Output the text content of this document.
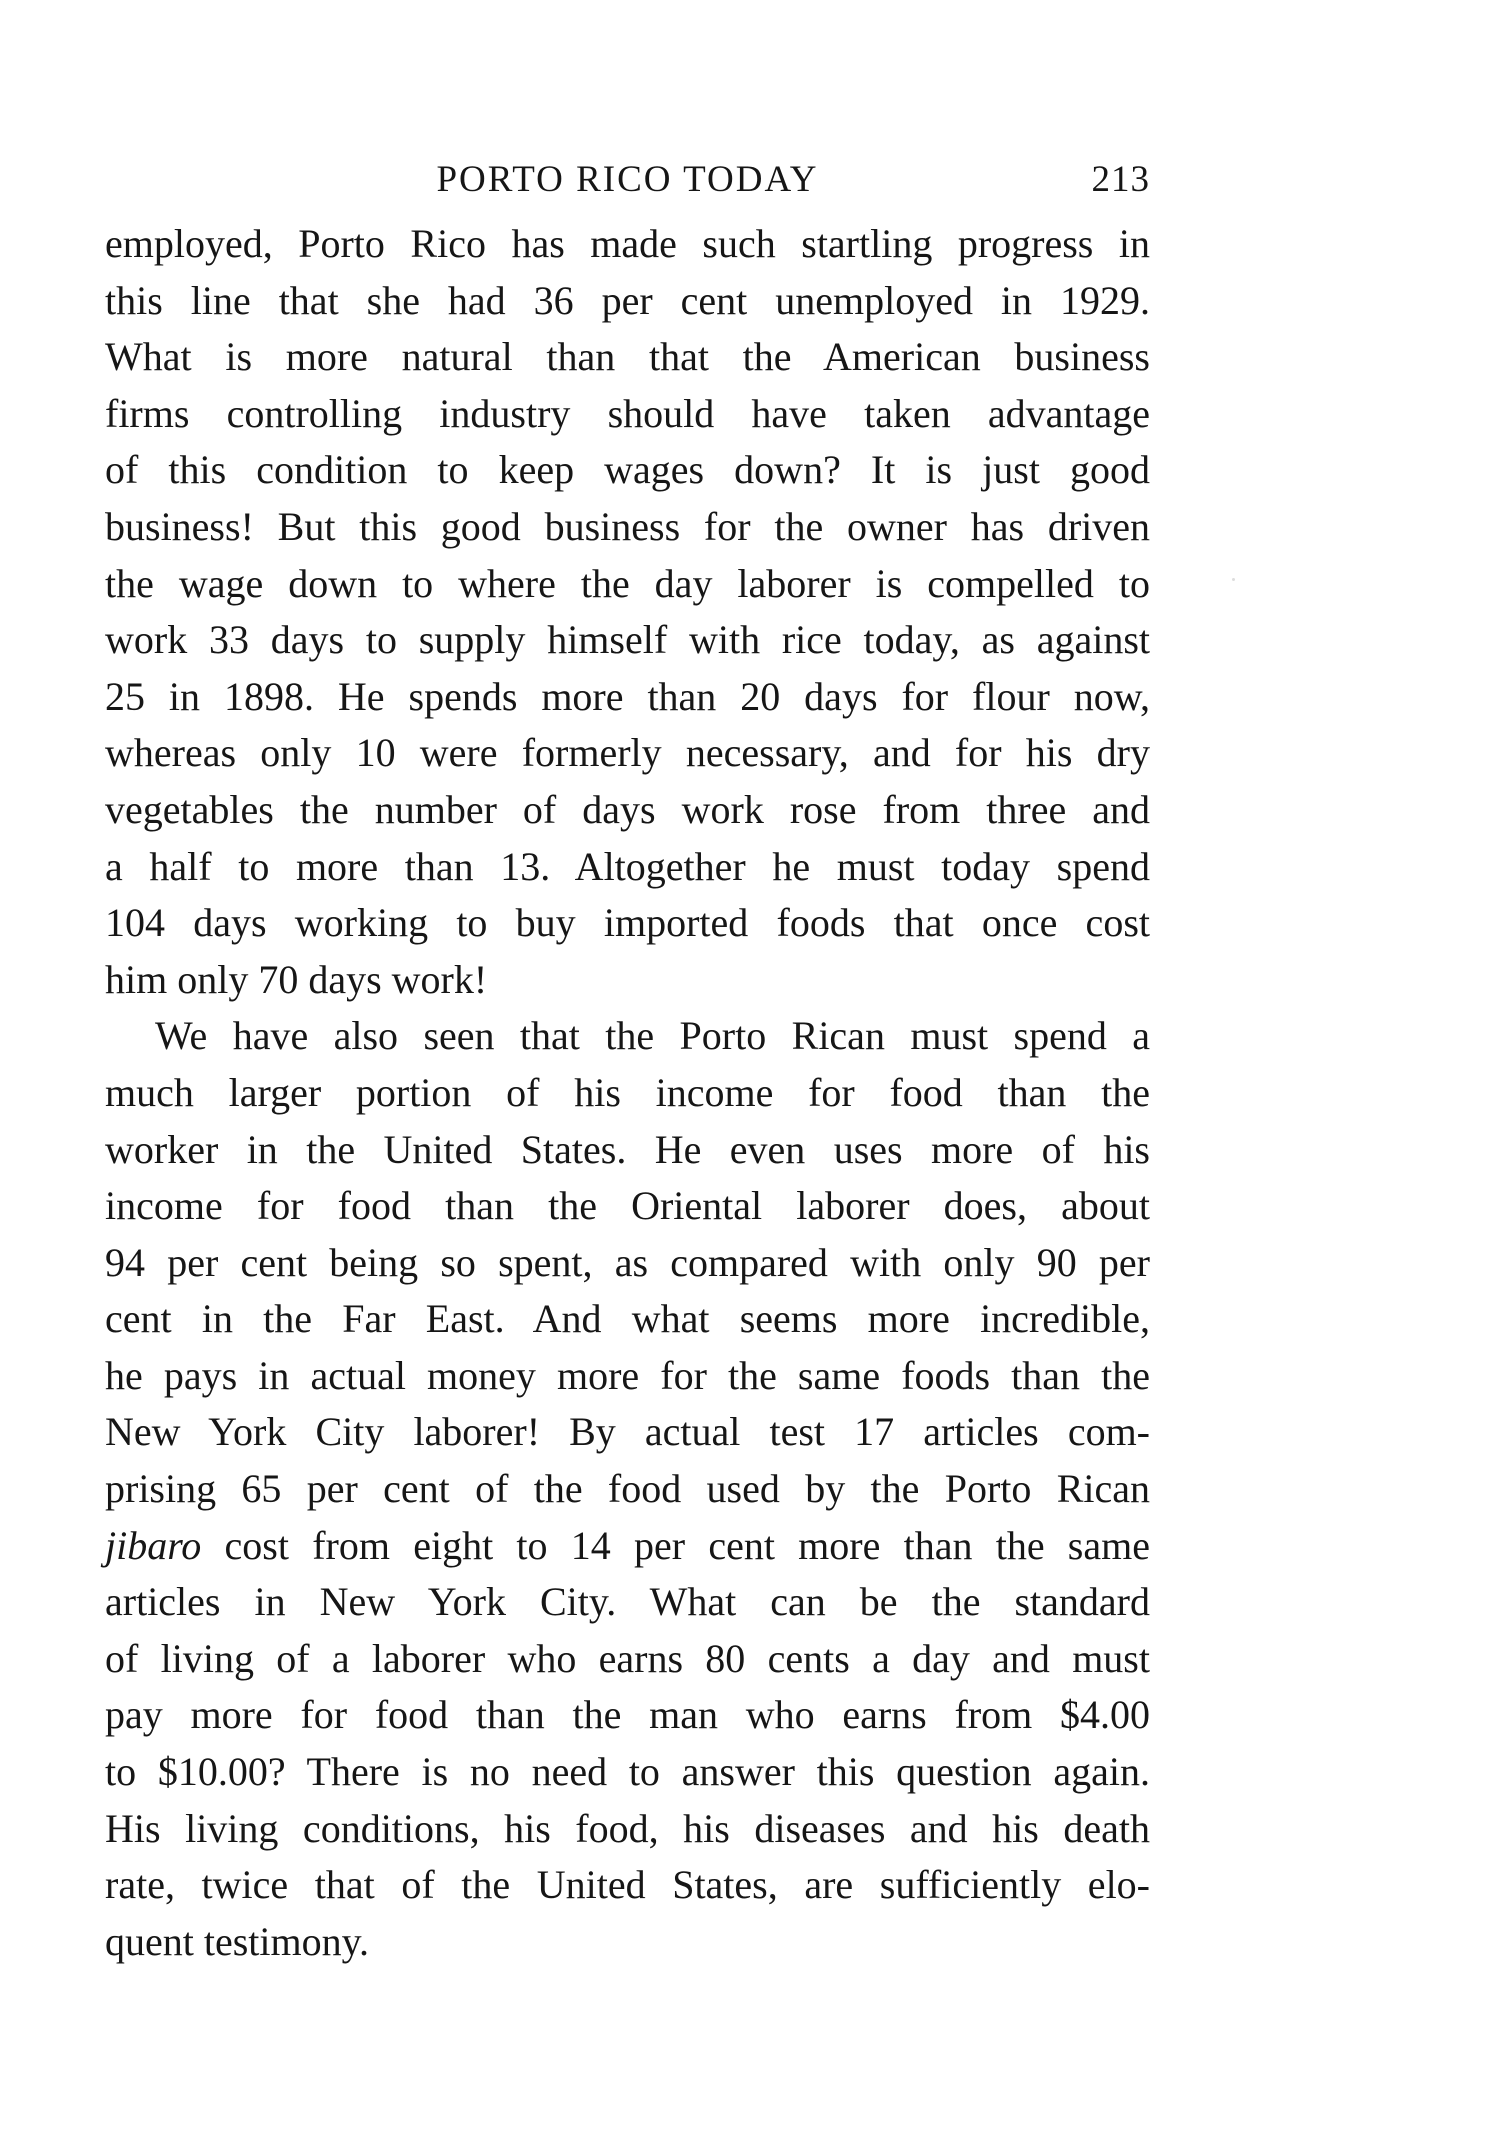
PORTO RICO TODAY	213
employed, Porto Rico has made such startling progress in
this line that she had 36 per cent unemployed in 1929.
What is more natural than that the American business
firms controlling industry should have taken advantage
of this condition to keep wages down? It is just good
business! But this good business for the owner has driven
the wage down to where the day laborer is compelled to
work 33 days to supply himself with rice today, as against
25 in 1898. He spends more than 20 days for flour now,
whereas only 10 were formerly necessary, and for his dry
vegetables the number of days work rose from three and
a half to more than 13. Altogether he must today spend
104 days working to buy imported foods that once cost
him only 70 days work!
We have also seen that the Porto Rican must spend a
much larger portion of his income for food than the
worker in the United States. He even uses more of his
income for food than the Oriental laborer does, about
94 per cent being so spent, as compared with only 90 per
cent in the Far East. And what seems more incredible,
he pays in actual money more for the same foods than the
New York City laborer! By actual test 17 articles com-
prising 65 per cent of the food used by the Porto Rican
jibaro cost from eight to 14 per cent more than the same
articles in New York City. What can be the standard
of living of a laborer who earns 80 cents a day and must
pay more for food than the man who earns from $4.00
to $10.00? There is no need to answer this question again.
His living conditions, his food, his diseases and his death
rate, twice that of the United States, are sufficiently elo-
quent testimony.
